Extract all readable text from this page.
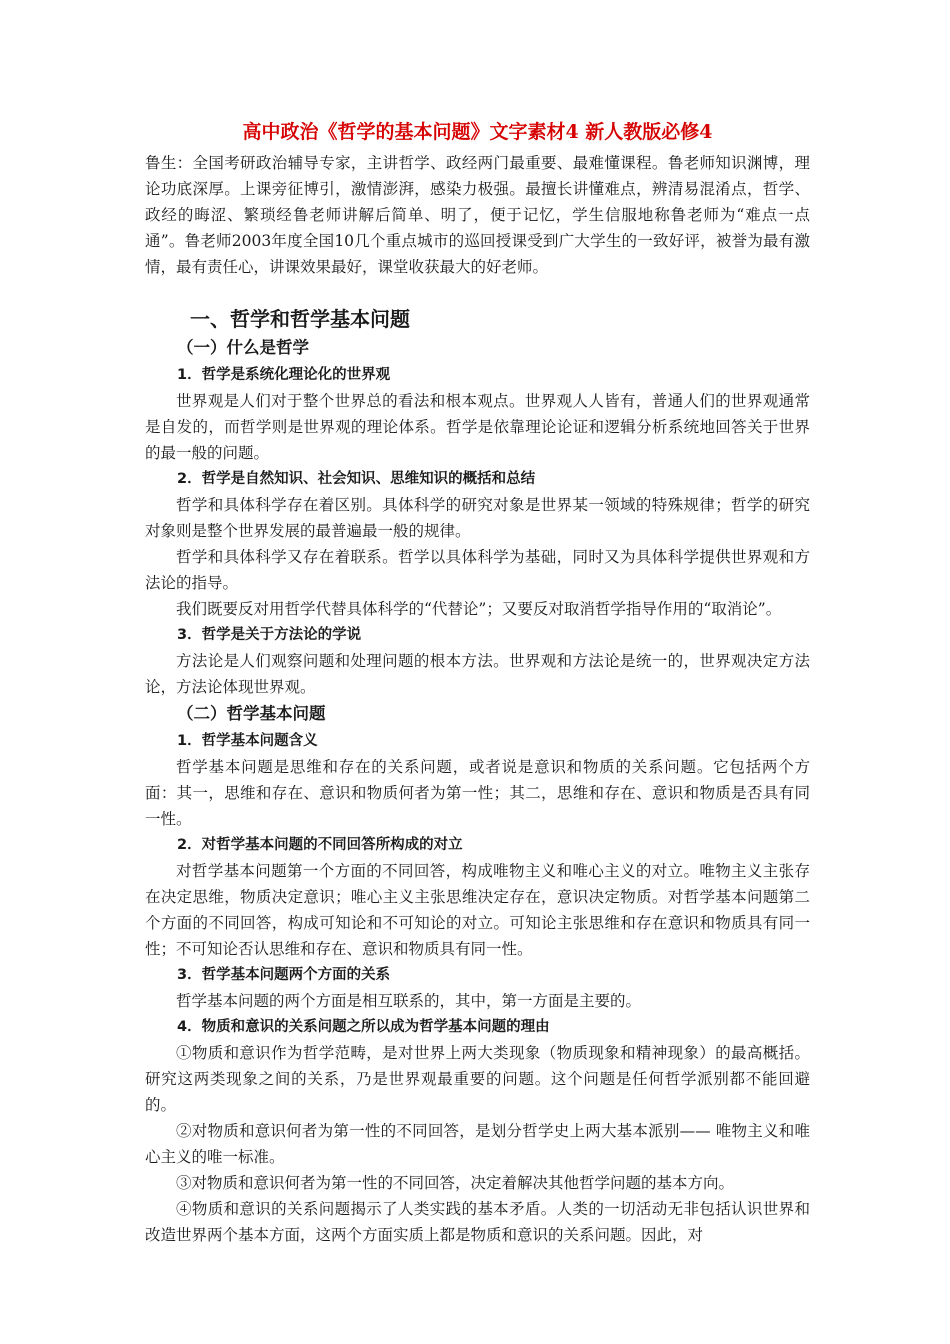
高中政治《哲学的基本问题》文字素材4 新人教版必修4

鲁生：全国考研政治辅导专家，主讲哲学、政经两门最重要、最难懂课程。鲁老师知识渊博，理论功底深厚。上课旁征博引，激情澎湃，感染力极强。最擅长讲懂难点，辨清易混淆点，哲学、政经的晦涩、繁琐经鲁老师讲解后简单、明了，便于记忆，学生信服地称鲁老师为“难点一点通”。鲁老师2003年度全国10几个重点城市的巡回授课受到广大学生的一致好评，被誉为最有激情，最有责任心，讲课效果最好，课堂收获最大的好老师。

一、哲学和哲学基本问题
（一）什么是哲学
1．哲学是系统化理论化的世界观

世界观是人们对于整个世界总的看法和根本观点。世界观人人皆有，普通人们的世界观通常是自发的，而哲学则是世界观的理论体系。哲学是依靠理论论证和逻辑分析系统地回答关于世界的最一般的问题。

2．哲学是自然知识、社会知识、思维知识的概括和总结

哲学和具体科学存在着区别。具体科学的研究对象是世界某一领域的特殊规律；哲学的研究对象则是整个世界发展的最普遍最一般的规律。

哲学和具体科学又存在着联系。哲学以具体科学为基础，同时又为具体科学提供世界观和方法论的指导。

我们既要反对用哲学代替具体科学的“代替论”；又要反对取消哲学指导作用的“取消论”。

3．哲学是关于方法论的学说

方法论是人们观察问题和处理问题的根本方法。世界观和方法论是统一的，世界观决定方法论，方法论体现世界观。

（二）哲学基本问题
1．哲学基本问题含义

哲学基本问题是思维和存在的关系问题，或者说是意识和物质的关系问题。它包括两个方面：其一，思维和存在、意识和物质何者为第一性；其二，思维和存在、意识和物质是否具有同一性。

2．对哲学基本问题的不同回答所构成的对立

对哲学基本问题第一个方面的不同回答，构成唯物主义和唯心主义的对立。唯物主义主张存在决定思维，物质决定意识；唯心主义主张思维决定存在，意识决定物质。对哲学基本问题第二个方面的不同回答，构成可知论和不可知论的对立。可知论主张思维和存在意识和物质具有同一性；不可知论否认思维和存在、意识和物质具有同一性。

3．哲学基本问题两个方面的关系

哲学基本问题的两个方面是相互联系的，其中，第一方面是主要的。

4．物质和意识的关系问题之所以成为哲学基本问题的理由

①物质和意识作为哲学范畴，是对世界上两大类现象（物质现象和精神现象）的最高概括。研究这两类现象之间的关系，乃是世界观最重要的问题。这个问题是任何哲学派别都不能回避的。

②对物质和意识何者为第一性的不同回答，是划分哲学史上两大基本派别—— 唯物主义和唯心主义的唯一标准。

③对物质和意识何者为第一性的不同回答，决定着解决其他哲学问题的基本方向。

④物质和意识的关系问题揭示了人类实践的基本矛盾。人类的一切活动无非包括认识世界和改造世界两个基本方面，这两个方面实质上都是物质和意识的关系问题。因此，对
